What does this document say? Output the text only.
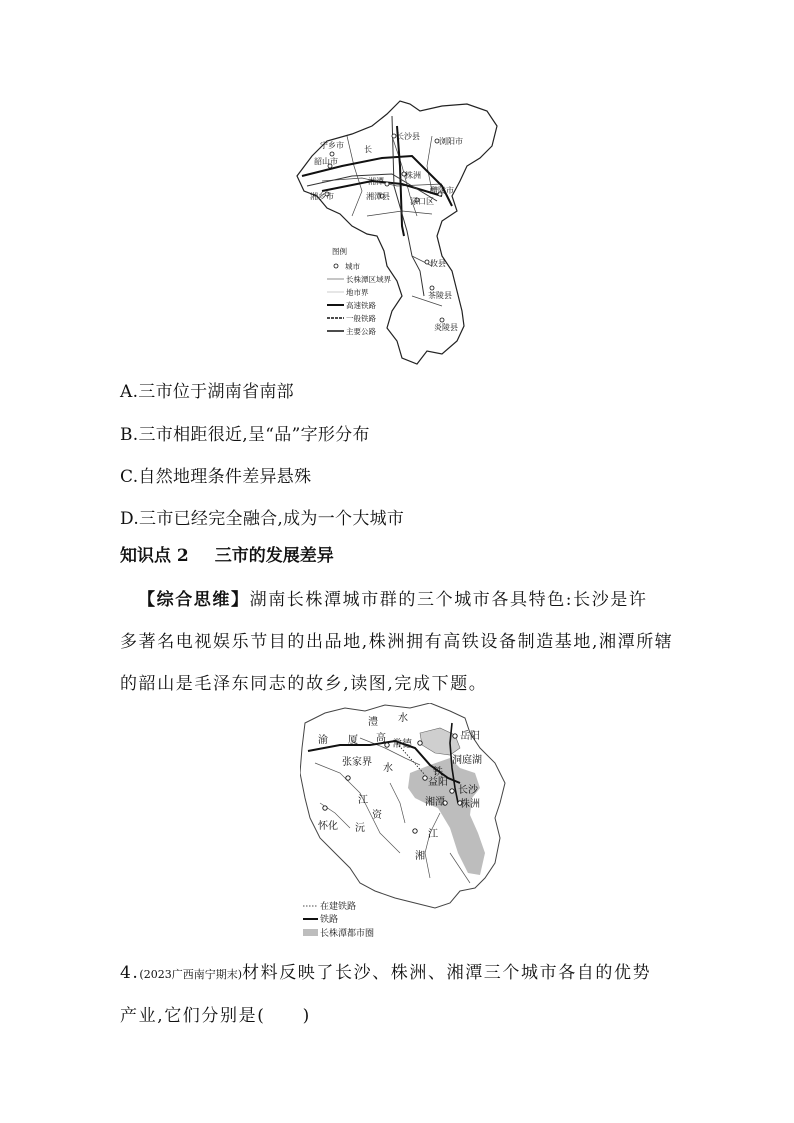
宁乡市
长沙县
浏阳市
韶山市
株洲
湘潭
醴陵市
湘乡市	湘潭县
渌口区
攸县
茶陵县
炎陵县
长
图例
城市
长株潭区域界
地市界
高速铁路
一般铁路
主要公路
A.三市位于湖南省南部
B.三市相距很近,呈“品”字形分布
C.自然地理条件差异悬殊
D.三市已经完全融合,成为一个大城市
知识点 2 三市的发展差异
【综合思维】湖南长株潭城市群的三个城市各具特色:长沙是许
多著名电视娱乐节目的出品地,株洲拥有高铁设备制造基地,湘潭所辖
的韶山是毛泽东同志的故乡,读图,完成下题。
渝 厦 高
张家界
常德
岳阳
洞庭湖
铁
益阳
长沙
湘潭 株洲
怀化
江
资
水
沅
江
湘
澧 水
在建铁路
铁路
长株潭都市圈
4.(2023广西南宁期末)材料反映了长沙、株洲、湘潭三个城市各自的优势
产业,它们分别是(　　)
